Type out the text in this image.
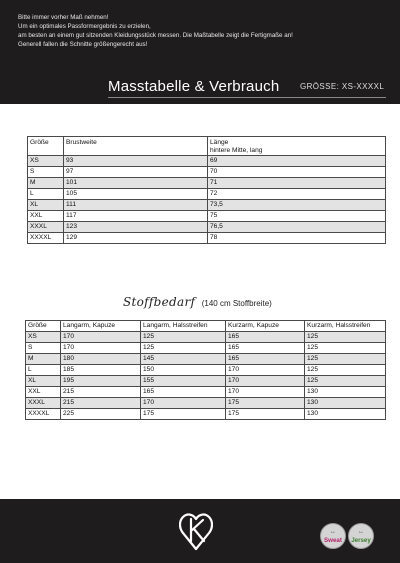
Bitte immer vorher Maß nehmen!
Um ein optimales Passformergebnis zu erzielen,
am besten an einem gut sitzenden Kleidungsstück messen. Die Maßtabelle zeigt die Fertigmaße an!
Generell fallen die Schnitte größengerecht aus!
Masstabelle & Verbrauch	GRÖSSE: XS-XXXXL
Größe	Brustweite	Länge
hintere Mitte, lang
XS	93	69
S	97	70
M	101	71
L	105	72
XL	111	73,5
XXL	117	75
XXXL	123	76,5
XXXXL	129	78
Stoffbedarf (140 cm Stoffbreite)
Größe	Langarm, Kapuze	Langarm, Halsstreifen	Kurzarm, Kapuze	Kurzarm, Halsstreifen
XS	170	125	165	125
S	170	125	165	125
M	180	145	165	125
L	185	150	170	125
XL	195	155	170	125
XXL	215	165	170	130
XXXL	215	170	175	130
XXXXL	225	175	175	130
↔
Sweat
↔
Jersey
